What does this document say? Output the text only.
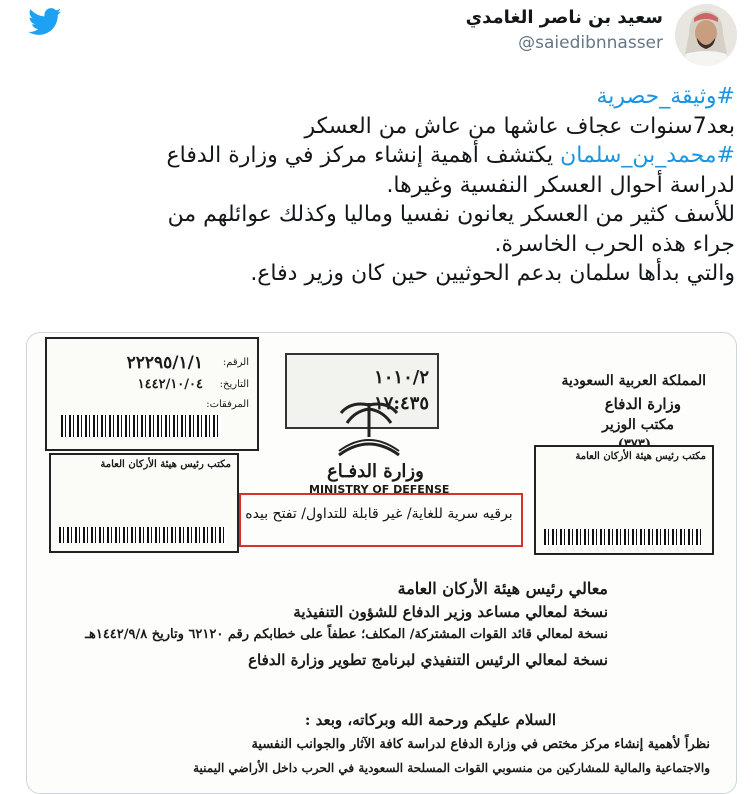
سعيد بن ناصر الغامدي
@saiedibnnasser
#وثيقة_حصرية
بعد7سنوات عجاف عاشها من عاش من العسكر
#محمد_بن_سلمان يكتشف أهمية إنشاء مركز في وزارة الدفاع
لدراسة أحوال العسكر النفسية وغيرها.
للأسف كثير من العسكر يعانون نفسيا وماليا وكذلك عوائلهم من
جراء هذه الحرب الخاسرة.
والتي بدأها سلمان بدعم الحوثيين حين كان وزير دفاع.
المملكة العربية السعودية
وزارة الدفاع
مكتب الوزير
١٠١٠/٢
١٧:٤٣٥
وزارة الدفـاع
MINISTRY OF DEFENSE
الرقم:
٢٢٢٩٥/١/١
التاريخ:
١٤٤٢/١٠/٠٤
المرفقات:
مكتب رئيس هيئة الأركان العامة
مكتب رئيس هيئة الأركان العامة
برقيه سرية للغاية/ غير قابلة للتداول/ تفتح بيده
معالي رئيس هيئة الأركان العامة
نسخة لمعالي مساعد وزير الدفاع للشؤون التنفيذية
نسخة لمعالي قائد القوات المشتركة/ المكلف؛ عطفاً على خطابكم رقم ٦٢١٢٠ وتاريخ ١٤٤٢/٩/٨هـ
نسخة لمعالي الرئيس التنفيذي لبرنامج تطوير وزارة الدفاع
السلام عليكم ورحمة الله وبركاته، وبعد :
نظراً لأهمية إنشاء مركز مختص في وزارة الدفاع لدراسة كافة الآثار والجوانب النفسية
والاجتماعية والمالية للمشاركين من منسوبي القوات المسلحة السعودية في الحرب داخل الأراضي اليمنية
